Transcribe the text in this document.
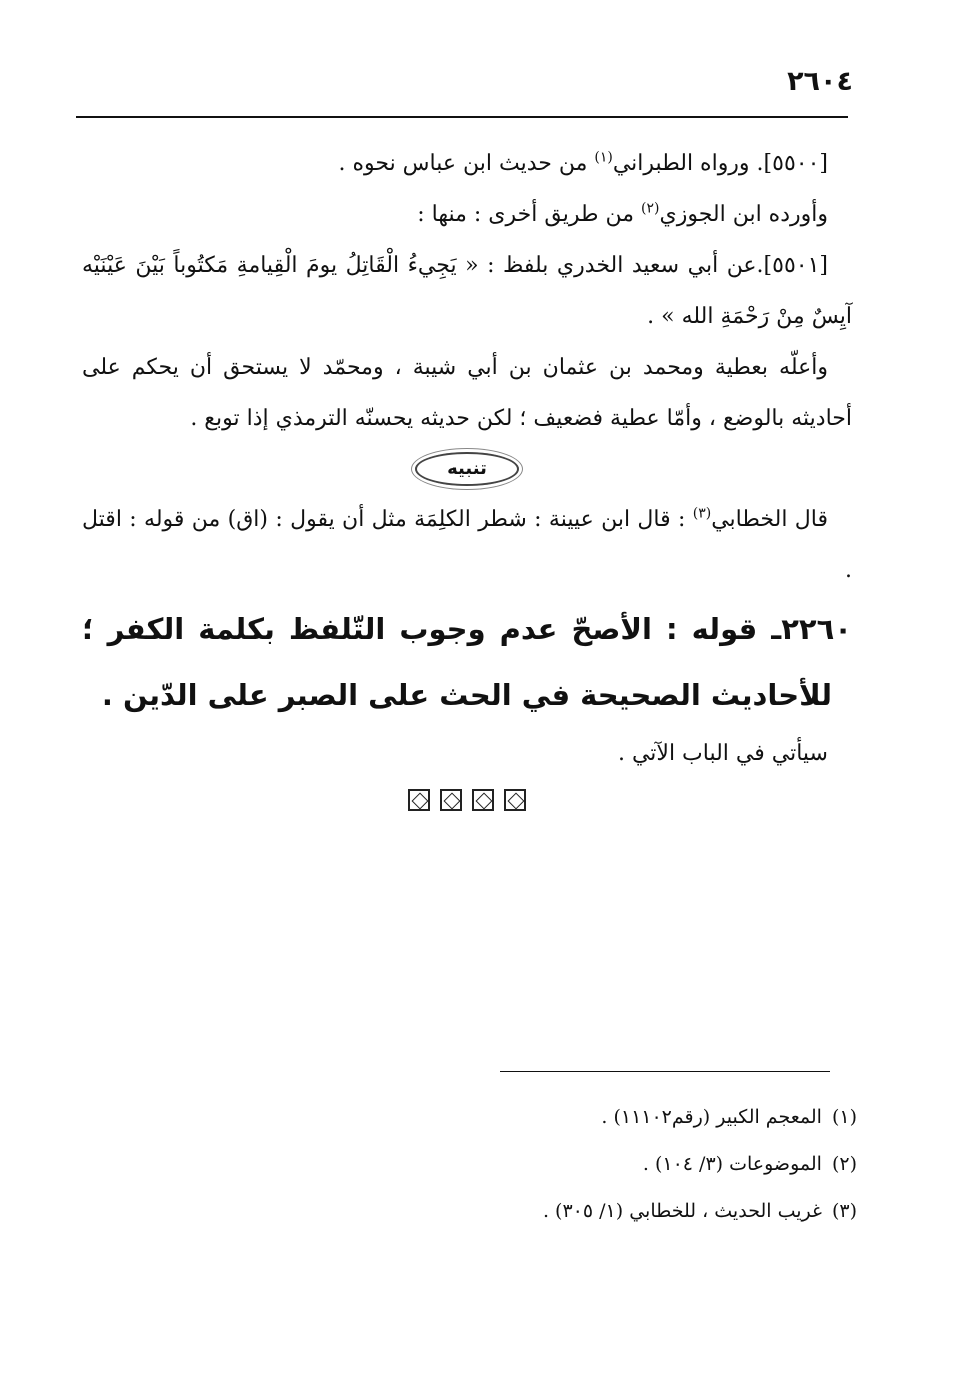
٢٦٠٤

[٥٥٠٠]. ورواه الطبراني$^{(١)}$ من حديث ابن عباس نحوه .

وأورده ابن الجوزي$^{(٢)}$ من طريق أخرى : منها :

[٥٥٠١].عن أبي سعيد الخدري بلفظ : « يَجِيءُ الْقَاتِلُ يومَ الْقِيامةِ مَكتُوباً بَيْنَ عَيْنَيْه آيِسٌ مِنْ رَحْمَةِ الله » .

وأعلّه بعطية ومحمد بن عثمان بن أبي شيبة ، ومحمّد لا يستحق أن يحكم على أحاديثه بالوضع ، وأمّا عطية فضعيف ؛ لكن حديثه يحسنّه الترمذي إذا توبع .

تنبيه

قال الخطابي$^{(٣)}$ : قال ابن عيينة : شطر الكلِمَة مثل أن يقول : (اق) من قوله : اقتل .

٢٢٦٠ـ قوله : الأصحّ عدم وجوب التّلفظ بكلمة الكفر ؛ للأحاديث الصحيحة في الحث على الصبر على الدّين .

سيأتي في الباب الآتي .

(١)المعجم الكبير (رقم١١١٠٢) .

(٢)الموضوعات (٣/ ١٠٤) .

(٣)غريب الحديث ، للخطابي (١/ ٣٠٥) .
